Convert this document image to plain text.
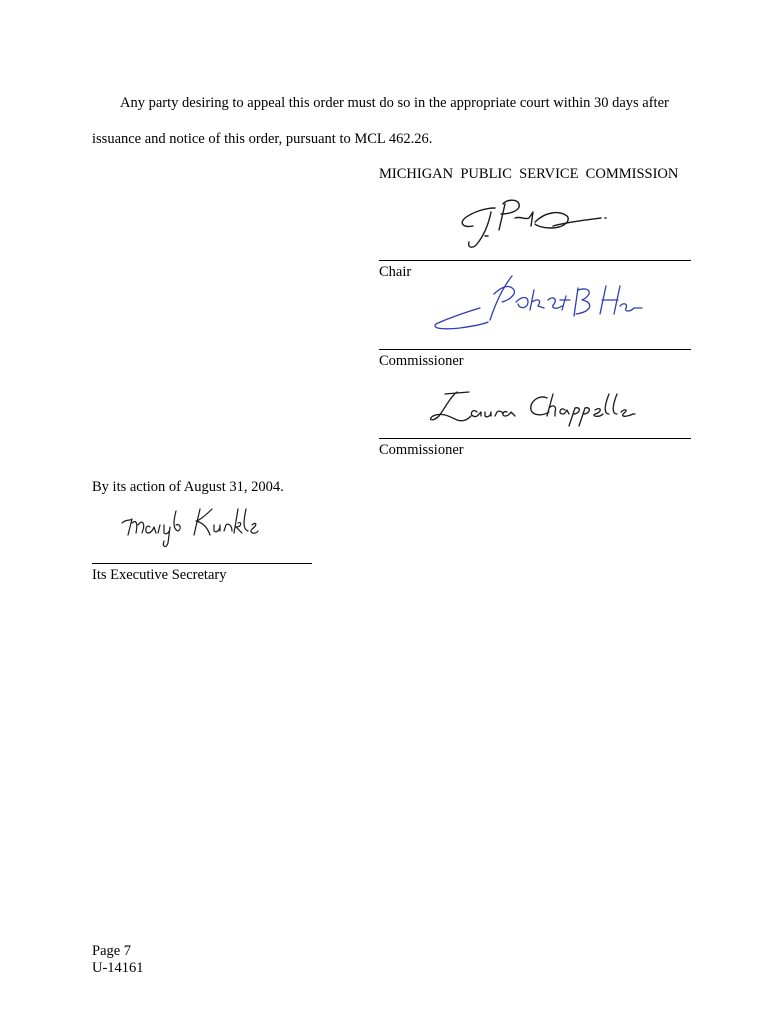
Any party desiring to appeal this order must do so in the appropriate court within 30 days after
issuance and notice of this order, pursuant to MCL 462.26.
MICHIGAN  PUBLIC  SERVICE  COMMISSION
Chair
Commissioner
Commissioner
By its action of August 31, 2004.
Its Executive Secretary
Page 7
U-14161
